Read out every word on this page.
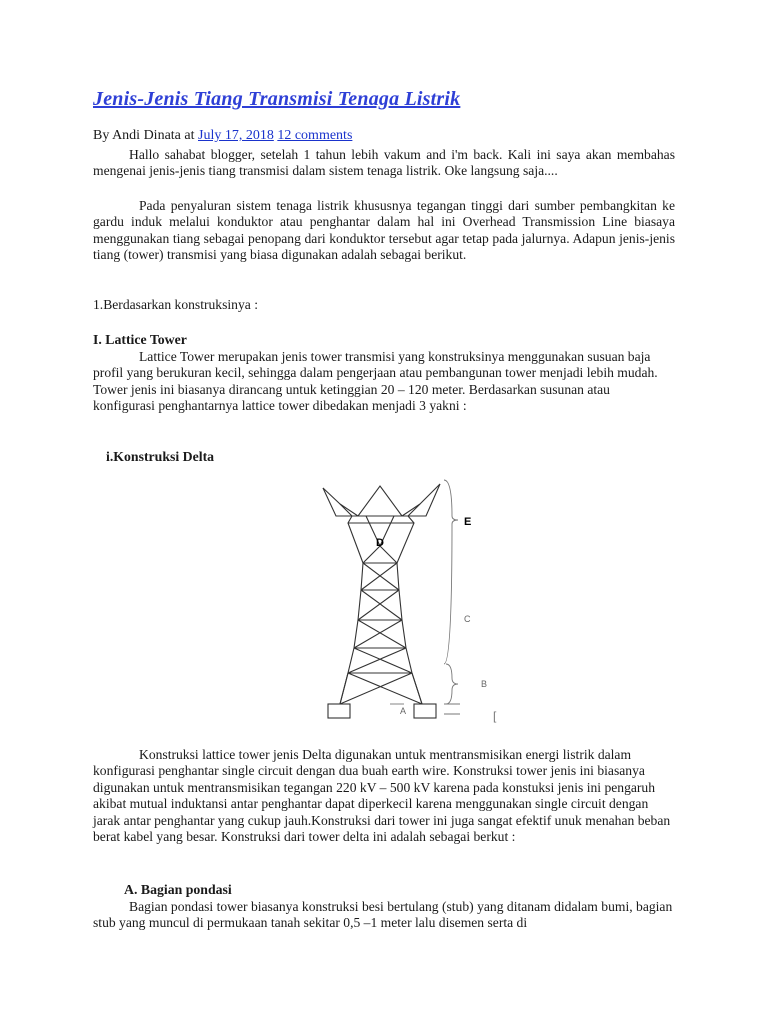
Jenis-Jenis Tiang Transmisi Tenaga Listrik
By Andi Dinata at July 17, 2018 12 comments

Hallo sahabat blogger, setelah 1 tahun lebih vakum and i'm back. Kali ini saya akan membahas mengenai jenis-jenis tiang transmisi dalam sistem tenaga listrik. Oke langsung saja....

Pada penyaluran sistem tenaga listrik khususnya tegangan tinggi dari sumber pembangkitan ke gardu induk melalui konduktor atau penghantar dalam hal ini Overhead Transmission Line biasaya menggunakan tiang sebagai penopang dari konduktor tersebut agar tetap pada jalurnya. Adapun jenis-jenis tiang (tower) transmisi yang biasa digunakan adalah sebagai berikut.

1.Berdasarkan konstruksinya :

I. Lattice Tower

Lattice Tower merupakan jenis tower transmisi yang konstruksinya menggunakan susuan baja profil yang berukuran kecil, sehingga dalam pengerjaan atau pembangunan tower menjadi lebih mudah. Tower jenis ini biasanya dirancang untuk ketinggian 20 – 120 meter. Berdasarkan susunan atau konfigurasi penghantarnya lattice tower dibedakan menjadi 3 yakni :

i.Konstruksi Delta
E
D
C
B
A	[

Konstruksi lattice tower jenis Delta digunakan untuk mentransmisikan energi listrik dalam konfigurasi penghantar single circuit dengan dua buah earth wire. Konstruksi tower jenis ini biasanya digunakan untuk mentransmisikan tegangan 220 kV – 500 kV karena pada konstuksi jenis ini pengaruh akibat mutual induktansi antar penghantar dapat diperkecil karena menggunakan single circuit dengan jarak antar penghantar yang cukup jauh.Konstruksi dari tower ini juga sangat efektif unuk menahan beban berat kabel yang besar. Konstruksi dari tower delta ini adalah sebagai berkut :

A. Bagian pondasi

Bagian pondasi tower biasanya konstruksi besi bertulang (stub) yang ditanam didalam bumi, bagian stub yang muncul di permukaan tanah sekitar 0,5 –1 meter lalu disemen serta di
